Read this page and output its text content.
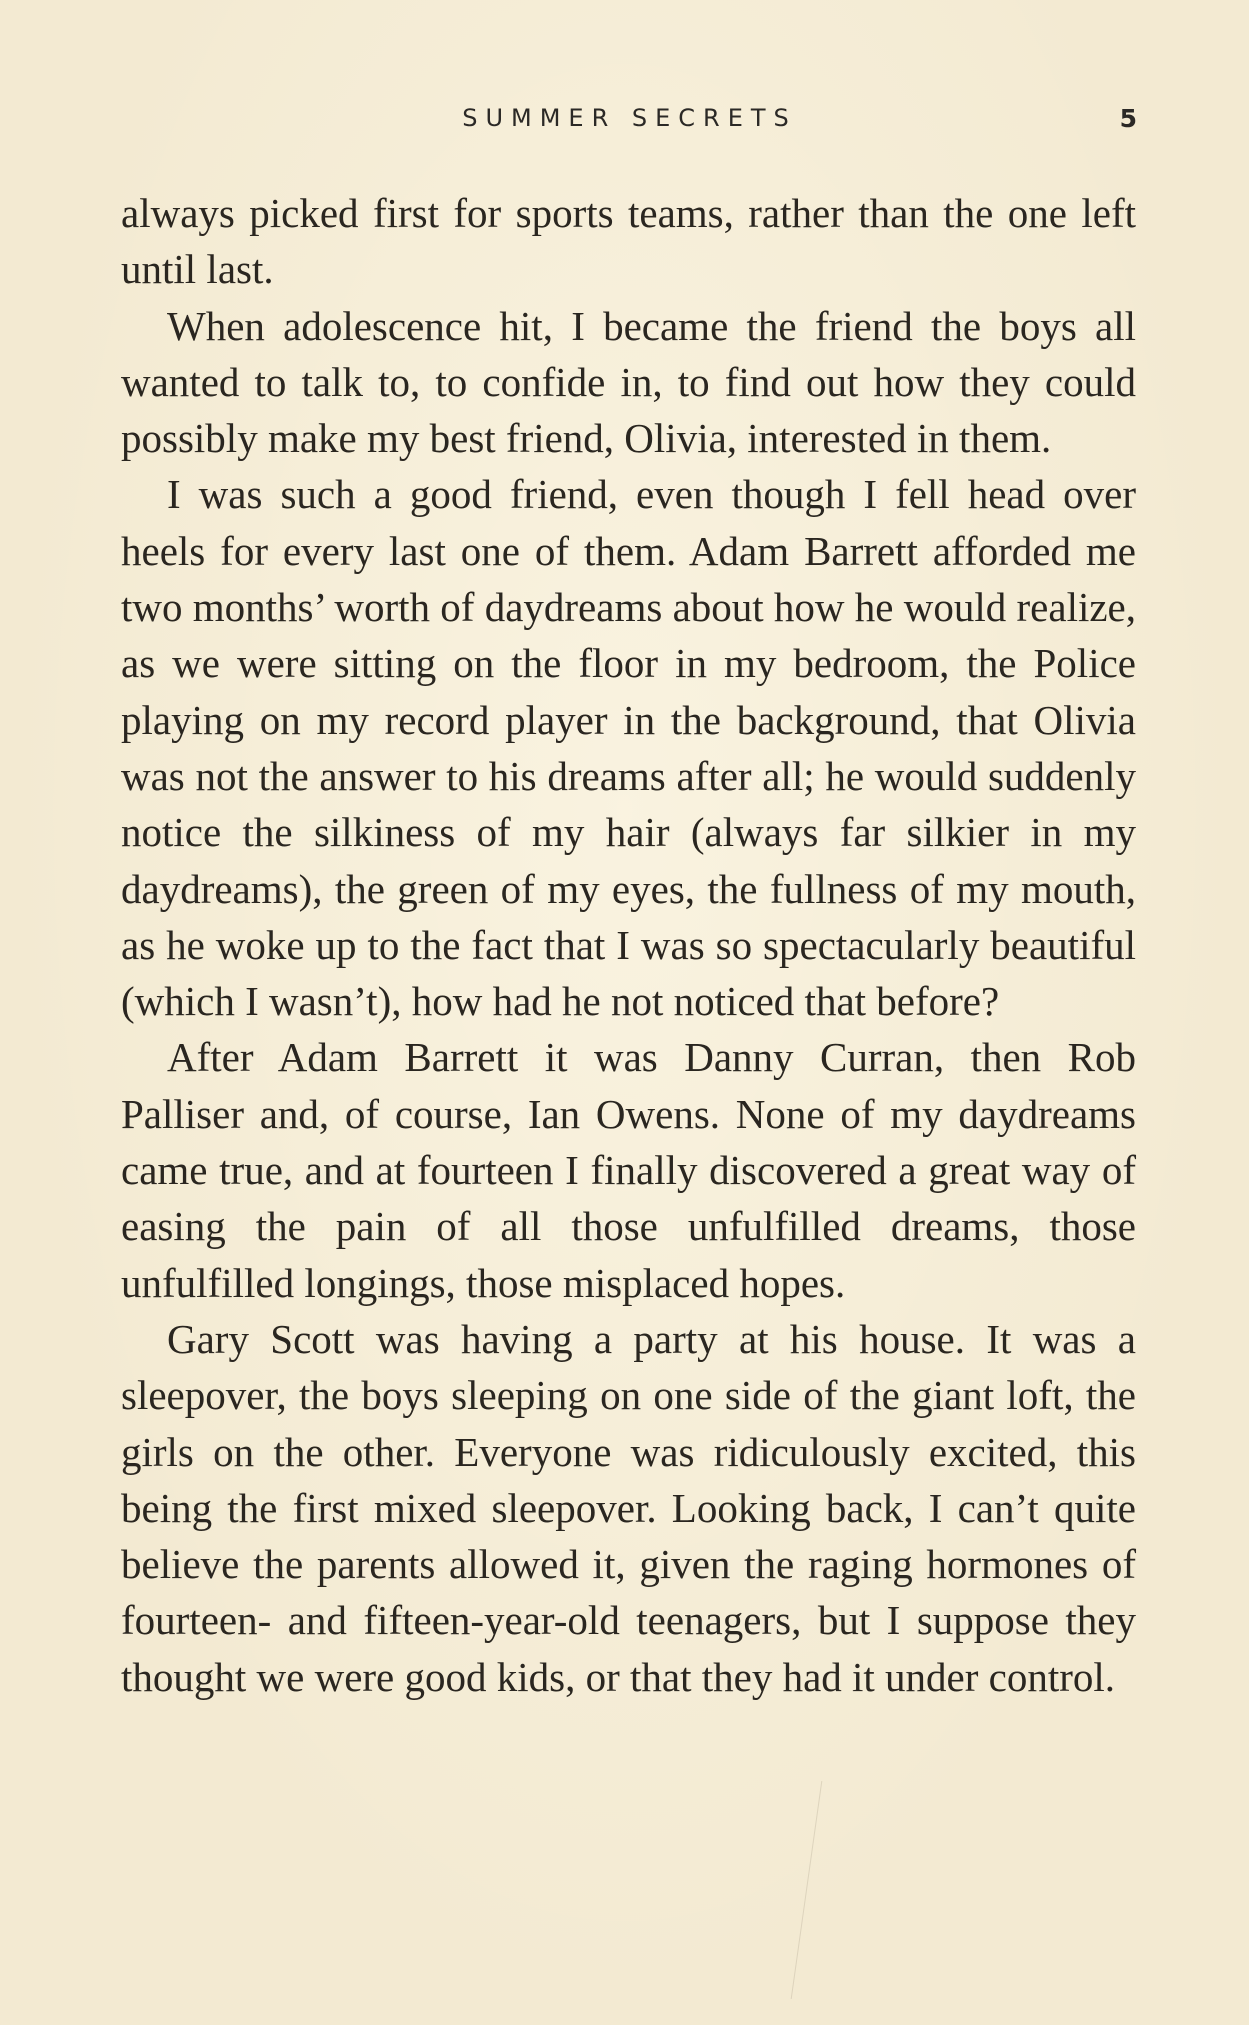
SUMMER SECRETS	5

always picked first for sports teams, rather than the one left until last.

When adolescence hit, I became the friend the boys all wanted to talk to, to confide in, to find out how they could possibly make my best friend, Olivia, interested in them.

I was such a good friend, even though I fell head over heels for every last one of them. Adam Barrett afforded me two months’ worth of daydreams about how he would realize, as we were sitting on the floor in my bedroom, the Police playing on my record player in the background, that Olivia was not the answer to his dreams after all; he would suddenly notice the silkiness of my hair (always far silkier in my daydreams), the green of my eyes, the fullness of my mouth, as he woke up to the fact that I was so spectacularly beautiful (which I wasn’t), how had he not noticed that before?

After Adam Barrett it was Danny Curran, then Rob Palliser and, of course, Ian Owens. None of my daydreams came true, and at fourteen I finally discovered a great way of easing the pain of all those unfulfilled dreams, those unfulfilled longings, those misplaced hopes.

Gary Scott was having a party at his house. It was a sleepover, the boys sleeping on one side of the giant loft, the girls on the other. Everyone was ridiculously excited, this being the first mixed sleepover. Looking back, I can’t quite believe the parents allowed it, given the raging hormones of fourteen- and fifteen-year-old teenagers, but I suppose they thought we were good kids, or that they had it under control.
